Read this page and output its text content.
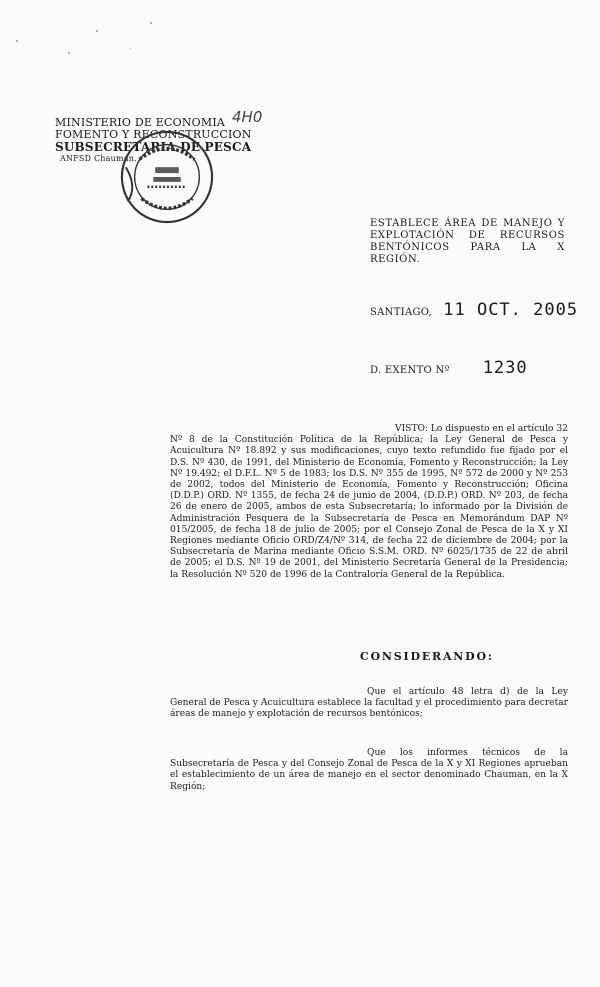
MINISTERIO DE ECONOMIA
FOMENTO Y RECONSTRUCCION
SUBSECRETARIA DE PESCA
ANFSD Chauman.
4H0
ESTABLECE ÁREA DE MANEJO Y EXPLOTACIÓN DE RECURSOS BENTÓNICOS PARA LA X REGIÓN.
SANTIAGO, 11 OCT. 2005
D. EXENTO Nº 1230
VISTO: Lo dispuesto en el artículo 32 Nº 8 de la Constitución Política de la República; la Ley General de Pesca y Acuicultura Nº 18.892 y sus modificaciones, cuyo texto refundido fue fijado por el D.S. Nº 430, de 1991, del Ministerio de Economía, Fomento y Reconstrucción; la Ley Nº 19.492; el D.F.L. Nº 5 de 1983; los D.S. Nº 355 de 1995, Nº 572 de 2000 y Nº 253 de 2002, todos del Ministerio de Economía, Fomento y Reconstrucción; Oficina (D.D.P.) ORD. Nº 1355, de fecha 24 de junio de 2004, (D.D.P.) ORD. Nº 203, de fecha 26 de enero de 2005, ambos de esta Subsecretaría; lo informado por la División de Administración Pesquera de la Subsecretaría de Pesca en Memorándum DAP Nº 015/2005, de fecha 18 de julio de 2005; por el Consejo Zonal de Pesca de la X y XI Regiones mediante Oficio ORD/Z4/Nº 314, de fecha 22 de diciembre de 2004; por la Subsecretaría de Marina mediante Oficio S.S.M. ORD. Nº 6025/1735 de 22 de abril de 2005; el D.S. Nº 19 de 2001, del Ministerio Secretaría General de la Presidencia; la Resolución Nº 520 de 1996 de la Contraloría General de la República.
CONSIDERANDO:
Que el artículo 48 letra d) de la Ley General de Pesca y Acuicultura establece la facultad y el procedimiento para decretar áreas de manejo y explotación de recursos bentónicos;
Que los informes técnicos de la Subsecretaría de Pesca y del Consejo Zonal de Pesca de la X y XI Regiones aprueban el establecimiento de un área de manejo en el sector denominado Chauman, en la X Región;
